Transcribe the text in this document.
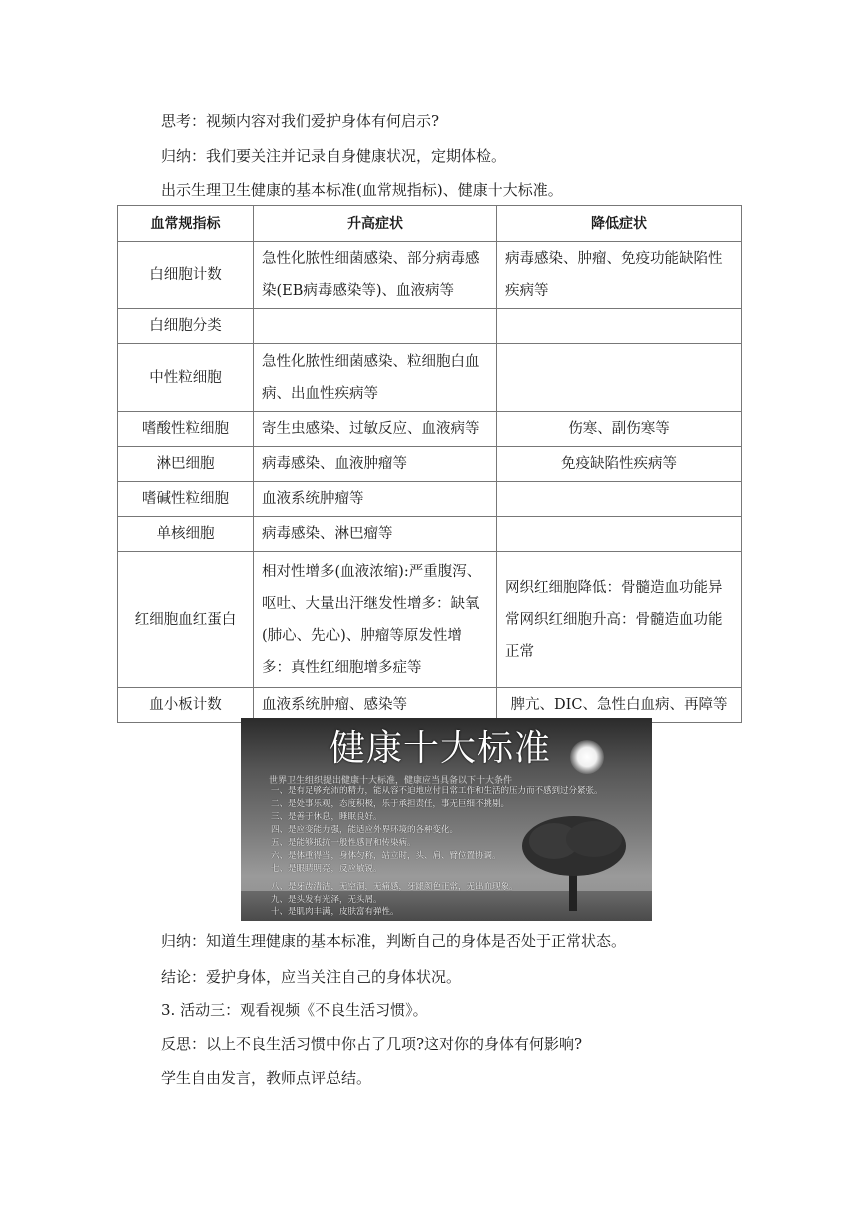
思考：视频内容对我们爱护身体有何启示?
归纳：我们要关注并记录自身健康状况，定期体检。
出示生理卫生健康的基本标准(血常规指标)、健康十大标准。
血常规指标	升高症状	降低症状
白细胞计数	急性化脓性细菌感染、部分病毒感染(EB病毒感染等)、血液病等	病毒感染、肿瘤、免疫功能缺陷性疾病等
白细胞分类		
中性粒细胞	急性化脓性细菌感染、粒细胞白血病、出血性疾病等	
嗜酸性粒细胞	寄生虫感染、过敏反应、血液病等	伤寒、副伤寒等
淋巴细胞	病毒感染、血液肿瘤等	免疫缺陷性疾病等
嗜碱性粒细胞	血液系统肿瘤等	
单核细胞	病毒感染、淋巴瘤等	
红细胞血红蛋白	相对性增多(血液浓缩):严重腹泻、呕吐、大量出汗继发性增多：缺氧(肺心、先心)、肿瘤等原发性增多：真性红细胞增多症等	网织红细胞降低：骨髓造血功能异常网织红细胞升高：骨髓造血功能正常
血小板计数	血液系统肿瘤、感染等	脾亢、DIC、急性白血病、再障等
健康十大标准
世界卫生组织提出健康十大标准，健康应当具备以下十大条件
一、是有足够充沛的精力，能从容不迫地应付日常工作和生活的压力而不感到过分紧张。
二、是处事乐观，态度积极，乐于承担责任，事无巨细不挑剔。
三、是善于休息，睡眠良好。
四、是应变能力强，能适应外界环境的各种变化。
五、是能够抵抗一般性感冒和传染病。
六、是体重得当，身体匀称，站立时，头、肩、臂位置协调。
七、是眼睛明亮，反应敏锐。
八、是牙齿清洁，无空洞，无痛感，牙龈颜色正常，无出血现象。
九、是头发有光泽，无头屑。
十、是肌肉丰满，皮肤富有弹性。
归纳：知道生理健康的基本标准，判断自己的身体是否处于正常状态。
结论：爱护身体，应当关注自己的身体状况。
3. 活动三：观看视频《不良生活习惯》。
反思：以上不良生活习惯中你占了几项?这对你的身体有何影响?
学生自由发言，教师点评总结。
